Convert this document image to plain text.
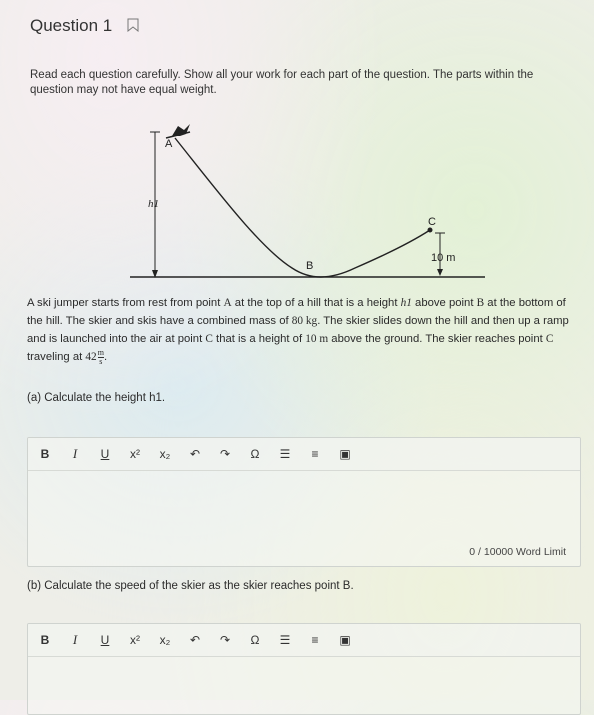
Question 1
Read each question carefully. Show all your work for each part of the question. The parts within the question may not have equal weight.
A
h1
B
C
10 m
A ski jumper starts from rest from point A at the top of a hill that is a height h1 above point B at the bottom of the hill. The skier and skis have a combined mass of 80 kg. The skier slides down the hill and then up a ramp and is launched into the air at point C that is a height of 10 m above the ground. The skier reaches point C traveling at $42 \frac{m}{s}$ .
(a) Calculate the height h1.
B	I	U x² x₂ ↶ ↷ Ω ☰ ≡ ▣
0 / 10000 Word Limit
(b) Calculate the speed of the skier as the skier reaches point B.
B	I	U x² x₂ ↶ ↷ Ω ☰ ≡ ▣
